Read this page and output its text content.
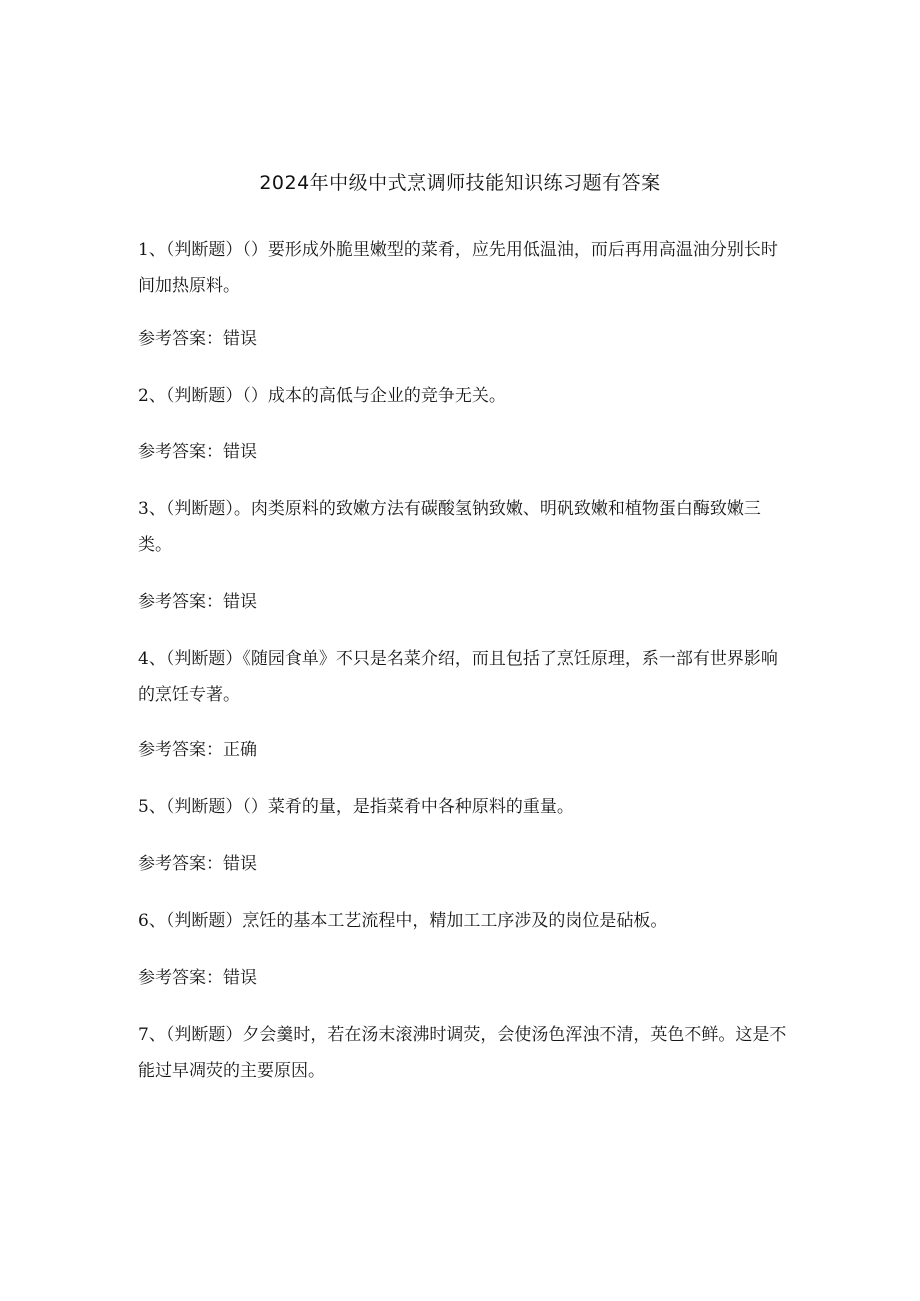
2024年中级中式烹调师技能知识练习题有答案

1、（判断题）（）要形成外脆里嫩型的菜肴，应先用低温油，而后再用高温油分别长时间加热原料。

参考答案：错误

2、（判断题）（）成本的高低与企业的竞争无关。

参考答案：错误

3、（判断题）。肉类原料的致嫩方法有碳酸氢钠致嫩、明矾致嫩和植物蛋白酶致嫩三类。

参考答案：错误

4、（判断题）《随园食单》不只是名菜介绍，而且包括了烹饪原理，系一部有世界影响的烹饪专著。

参考答案：正确

5、（判断题）（）菜肴的量，是指菜肴中各种原料的重量。

参考答案：错误

6、（判断题）烹饪的基本工艺流程中，精加工工序涉及的岗位是砧板。

参考答案：错误

7、（判断题）夕会羹时，若在汤末滚沸时调荧，会使汤色浑浊不清，英色不鲜。这是不能过早凋荧的主要原因。
